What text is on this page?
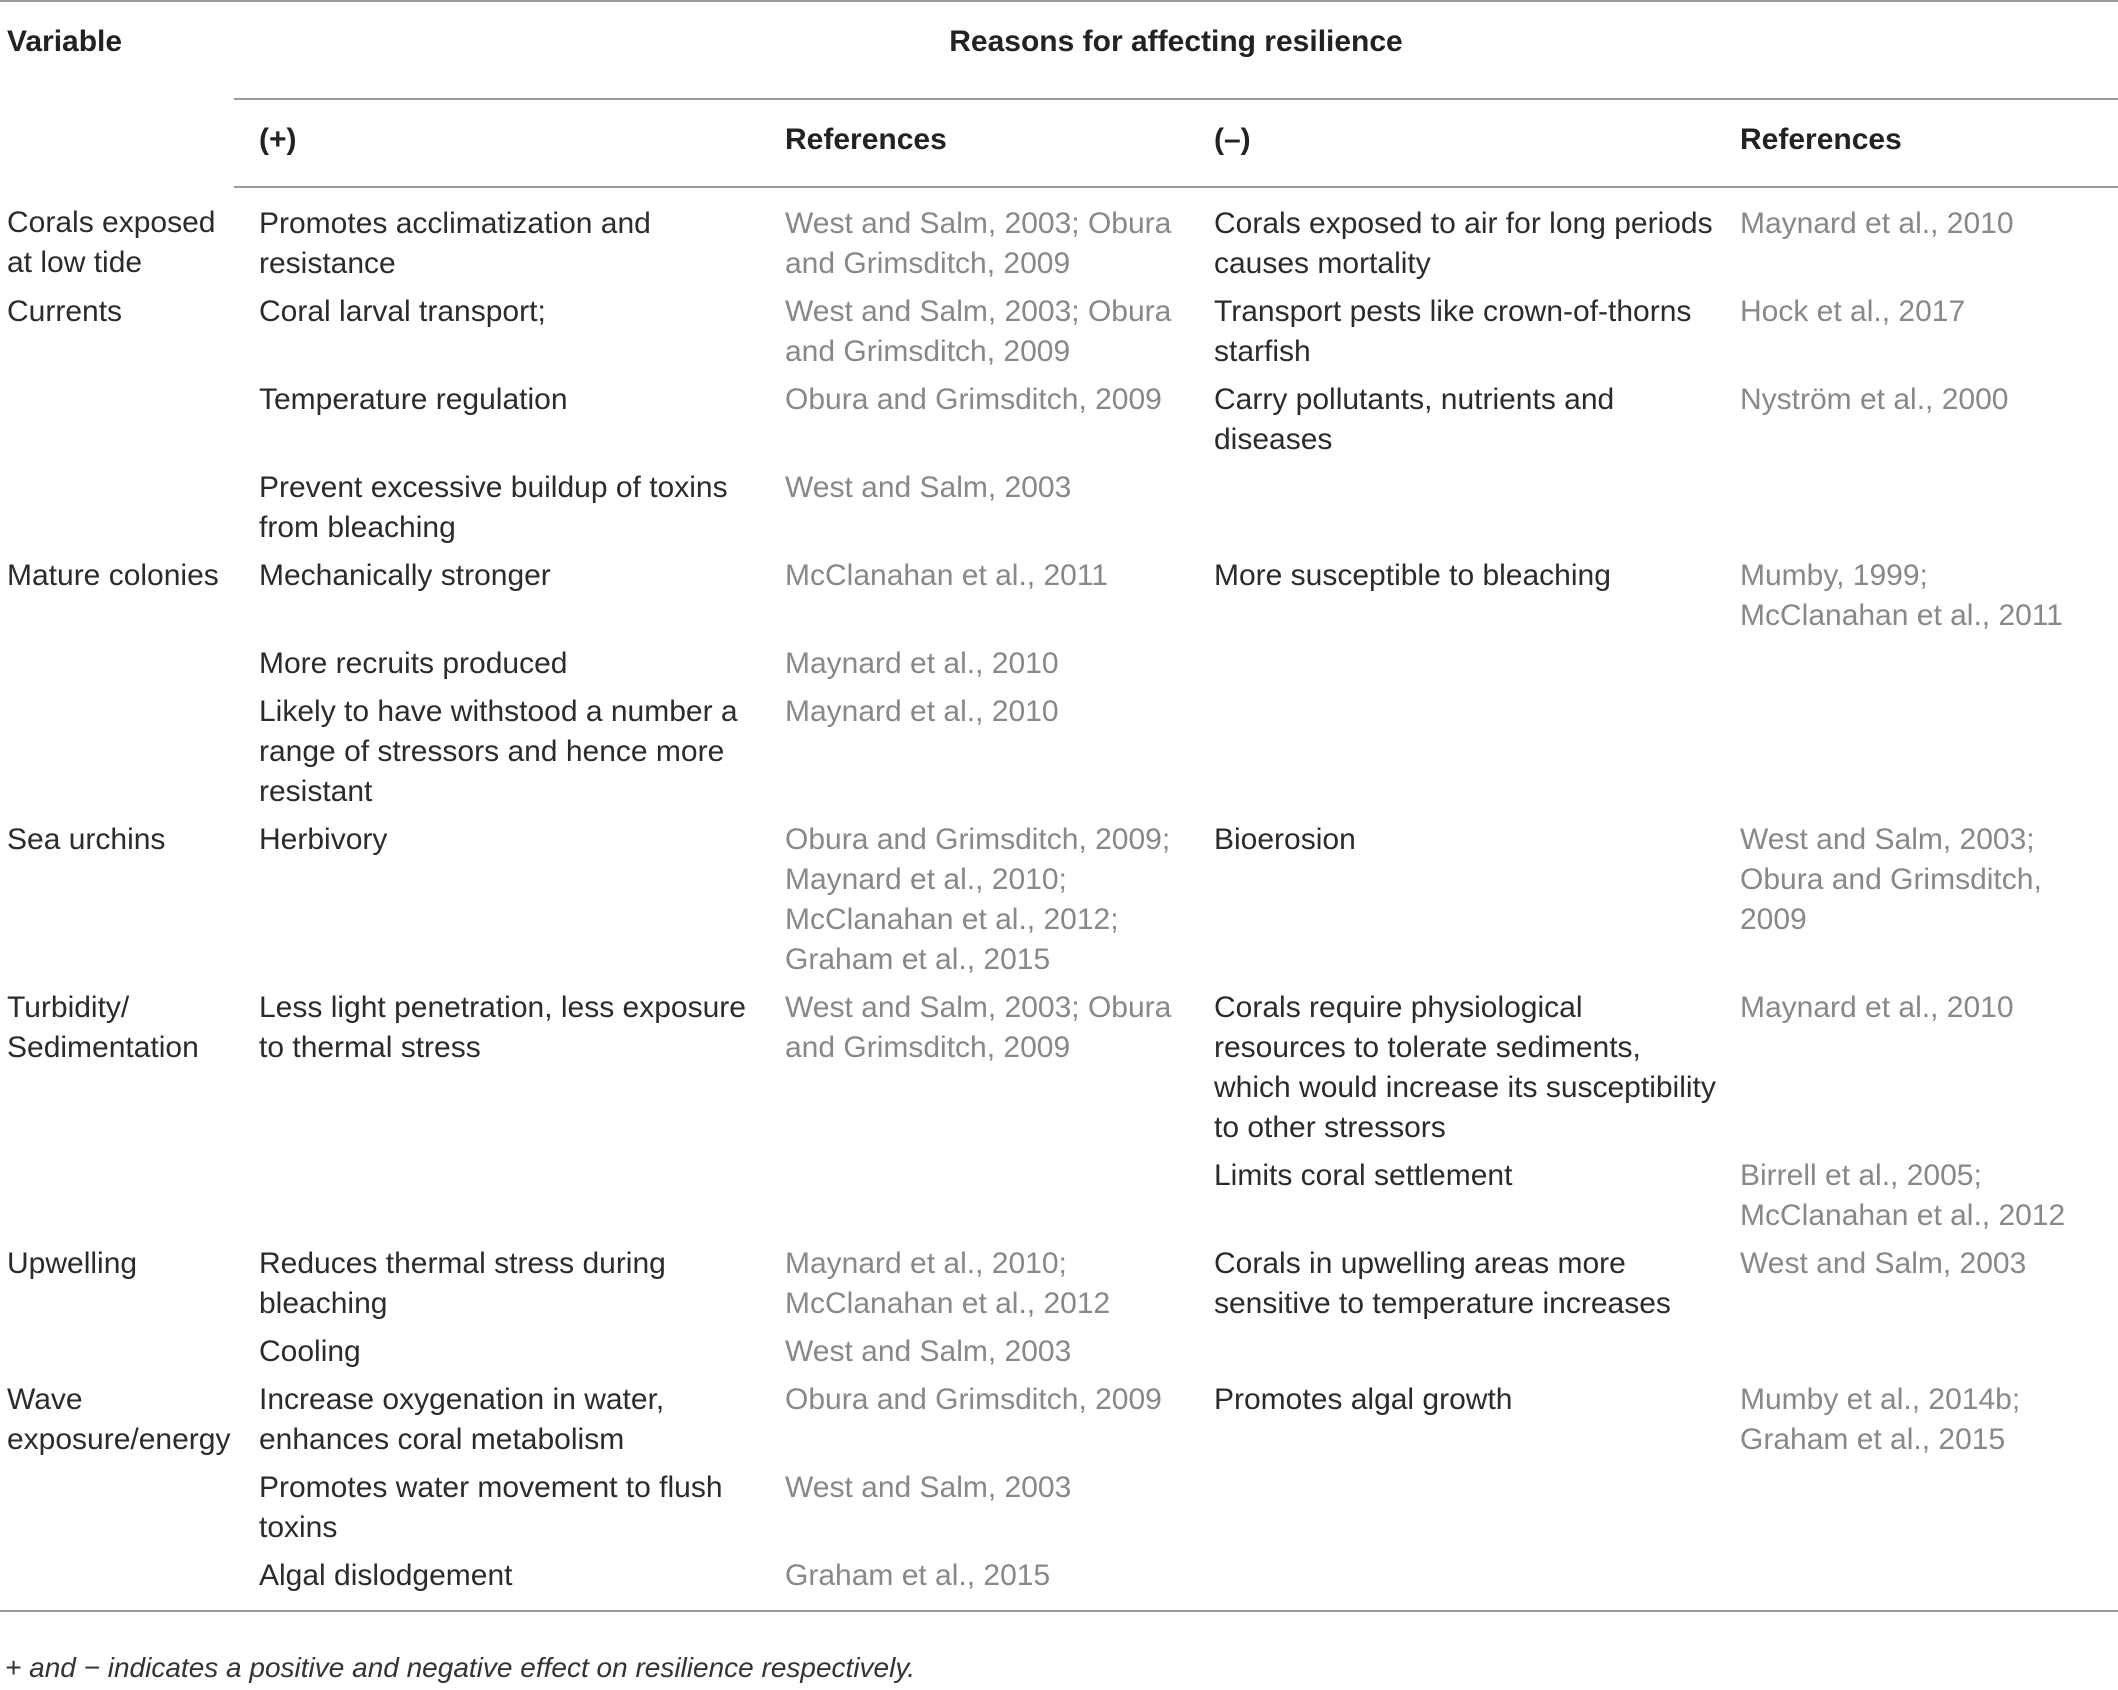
Variable	Reasons for affecting resilience			
	(+)	References	(–)	References
Corals exposed at low tide	Promotes acclimatization and resistance	West and Salm, 2003; Obura and Grimsditch, 2009	Corals exposed to air for long periods causes mortality	Maynard et al., 2010
Currents	Coral larval transport;	West and Salm, 2003; Obura and Grimsditch, 2009	Transport pests like crown-of-thorns starfish	Hock et al., 2017
	Temperature regulation	Obura and Grimsditch, 2009	Carry pollutants, nutrients and diseases	Nyström et al., 2000
	Prevent excessive buildup of toxins from bleaching	West and Salm, 2003		
Mature colonies	Mechanically stronger	McClanahan et al., 2011	More susceptible to bleaching	Mumby, 1999; McClanahan et al., 2011
	More recruits produced	Maynard et al., 2010		
	Likely to have withstood a number a range of stressors and hence more resistant	Maynard et al., 2010		
Sea urchins	Herbivory	Obura and Grimsditch, 2009; Maynard et al., 2010; McClanahan et al., 2012; Graham et al., 2015	Bioerosion	West and Salm, 2003; Obura and Grimsditch, 2009
Turbidity/ Sedimentation	Less light penetration, less exposure to thermal stress	West and Salm, 2003; Obura and Grimsditch, 2009	Corals require physiological resources to tolerate sediments, which would increase its susceptibility to other stressors	Maynard et al., 2010
			Limits coral settlement	Birrell et al., 2005; McClanahan et al., 2012
Upwelling	Reduces thermal stress during bleaching	Maynard et al., 2010; McClanahan et al., 2012	Corals in upwelling areas more sensitive to temperature increases	West and Salm, 2003
	Cooling	West and Salm, 2003		
Wave exposure/energy	Increase oxygenation in water, enhances coral metabolism	Obura and Grimsditch, 2009	Promotes algal growth	Mumby et al., 2014b; Graham et al., 2015
	Promotes water movement to flush toxins	West and Salm, 2003		
	Algal dislodgement	Graham et al., 2015		
+ and − indicates a positive and negative effect on resilience respectively.
